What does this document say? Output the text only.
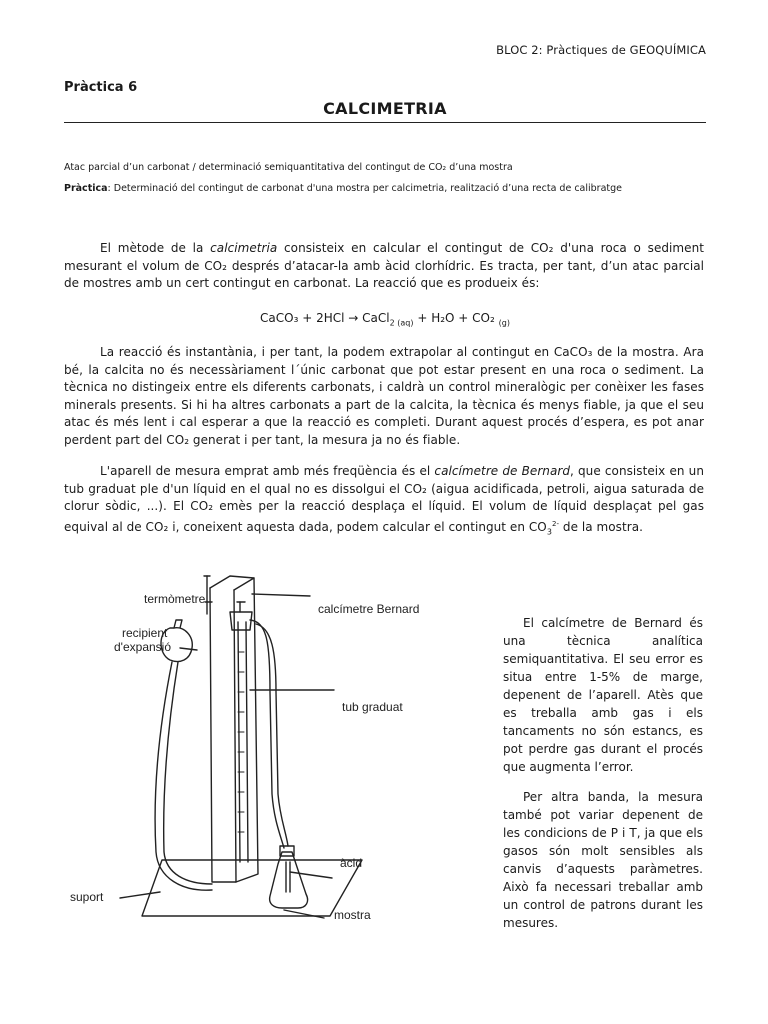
BLOC 2: Pràctiques de GEOQUÍMICA
Pràctica 6
CALCIMETRIA
Atac parcial d’un carbonat / determinació semiquantitativa del contingut de CO₂ d’una mostra
Pràctica: Determinació del contingut de carbonat d'una mostra per calcimetria, realització d’una recta de calibratge
El mètode de la calcimetria consisteix en calcular el contingut de CO₂ d'una roca o sediment mesurant el volum de CO₂ després d’atacar-la amb àcid clorhídric. Es tracta, per tant, d’un atac parcial de mostres amb un cert contingut en carbonat. La reacció que es produeix és:
CaCO₃ + 2HCl → CaCl$_2$ $_{(aq)}$ + H₂O + CO₂ $_{(g)}$
La reacció és instantània, i per tant, la podem extrapolar al contingut en CaCO₃ de la mostra. Ara bé, la calcita no és necessàriament l´únic carbonat que pot estar present en una roca o sediment. La tècnica no distingeix entre els diferents carbonats, i caldrà un control mineralògic per conèixer les fases minerals presents. Si hi ha altres carbonats a part de la calcita, la tècnica és menys fiable, ja que el seu atac és més lent i cal esperar a que la reacció es completi. Durant aquest procés d’espera, es pot anar perdent part del CO₂ generat i per tant, la mesura ja no és fiable.
L'aparell de mesura emprat amb més freqüència és el calcímetre de Bernard, que consisteix en un tub graduat ple d'un líquid en el qual no es dissolgui el CO₂ (aigua acidificada, petroli, aigua saturada de clorur sòdic, ...). El CO₂ emès per la reacció desplaça el líquid. El volum de líquid desplaçat pel gas equival al de CO₂ i, coneixent aquesta dada, podem calcular el contingut en $CO_3^{2-}$ de la mostra.
termòmetre
recipient
d'expansió
calcímetre Bernard
tub graduat
àcid
suport
mostra
El calcímetre de Bernard és una tècnica analítica semiquantitativa. El seu error es situa entre 1-5% de marge, depenent de l’aparell. Atès que es treballa amb gas i els tancaments no són estancs, es pot perdre gas durant el procés que augmenta l’error.
Per altra banda, la mesura també pot variar depenent de les condicions de P i T, ja que els gasos són molt sensibles als canvis d’aquests paràmetres. Això fa necessari treballar amb un control de patrons durant les mesures.
